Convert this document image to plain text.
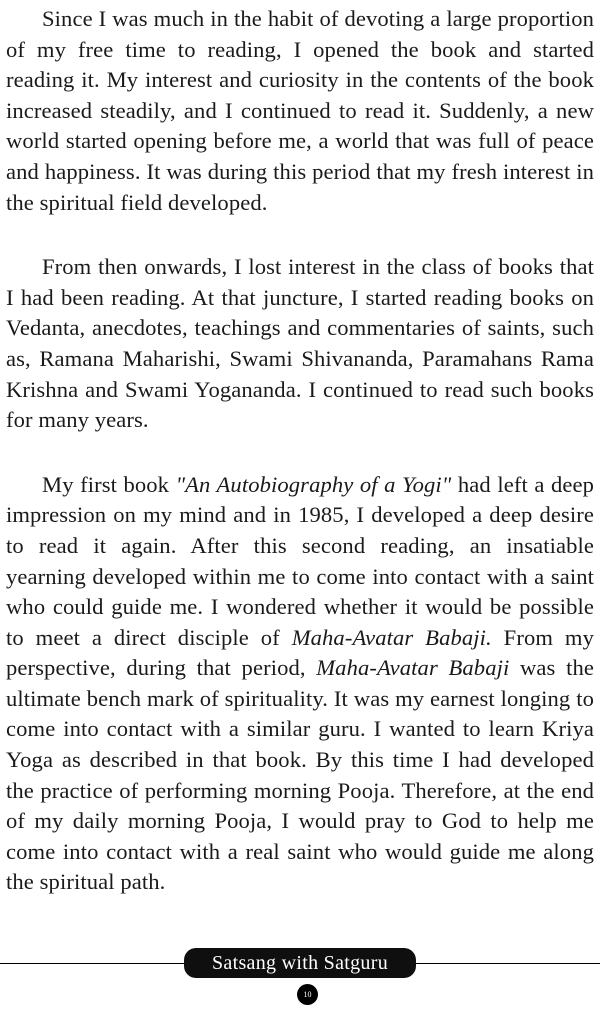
Since I was much in the habit of devoting a large proportion of my free time to reading, I opened the book and started reading it. My interest and curiosity in the contents of the book increased steadily, and I continued to read it. Suddenly, a new world started opening before me, a world that was full of peace and happiness. It was during this period that my fresh interest in the spiritual field developed.

From then onwards, I lost interest in the class of books that I had been reading. At that juncture, I started reading books on Vedanta, anecdotes, teachings and commentaries of saints, such as, Ramana Maharishi, Swami Shivananda, Paramahans Rama Krishna and Swami Yogananda. I continued to read such books for many years.

My first book "An Autobiography of a Yogi" had left a deep impression on my mind and in 1985, I developed a deep desire to read it again. After this second reading, an insatiable yearning developed within me to come into contact with a saint who could guide me. I wondered whether it would be possible to meet a direct disciple of Maha-Avatar Babaji. From my perspective, during that period, Maha-Avatar Babaji was the ultimate bench mark of spirituality. It was my earnest longing to come into contact with a similar guru. I wanted to learn Kriya Yoga as described in that book. By this time I had developed the practice of performing morning Pooja. Therefore, at the end of my daily morning Pooja, I would pray to God to help me come into contact with a real saint who would guide me along the spiritual path.

Satsang with Satguru
10
